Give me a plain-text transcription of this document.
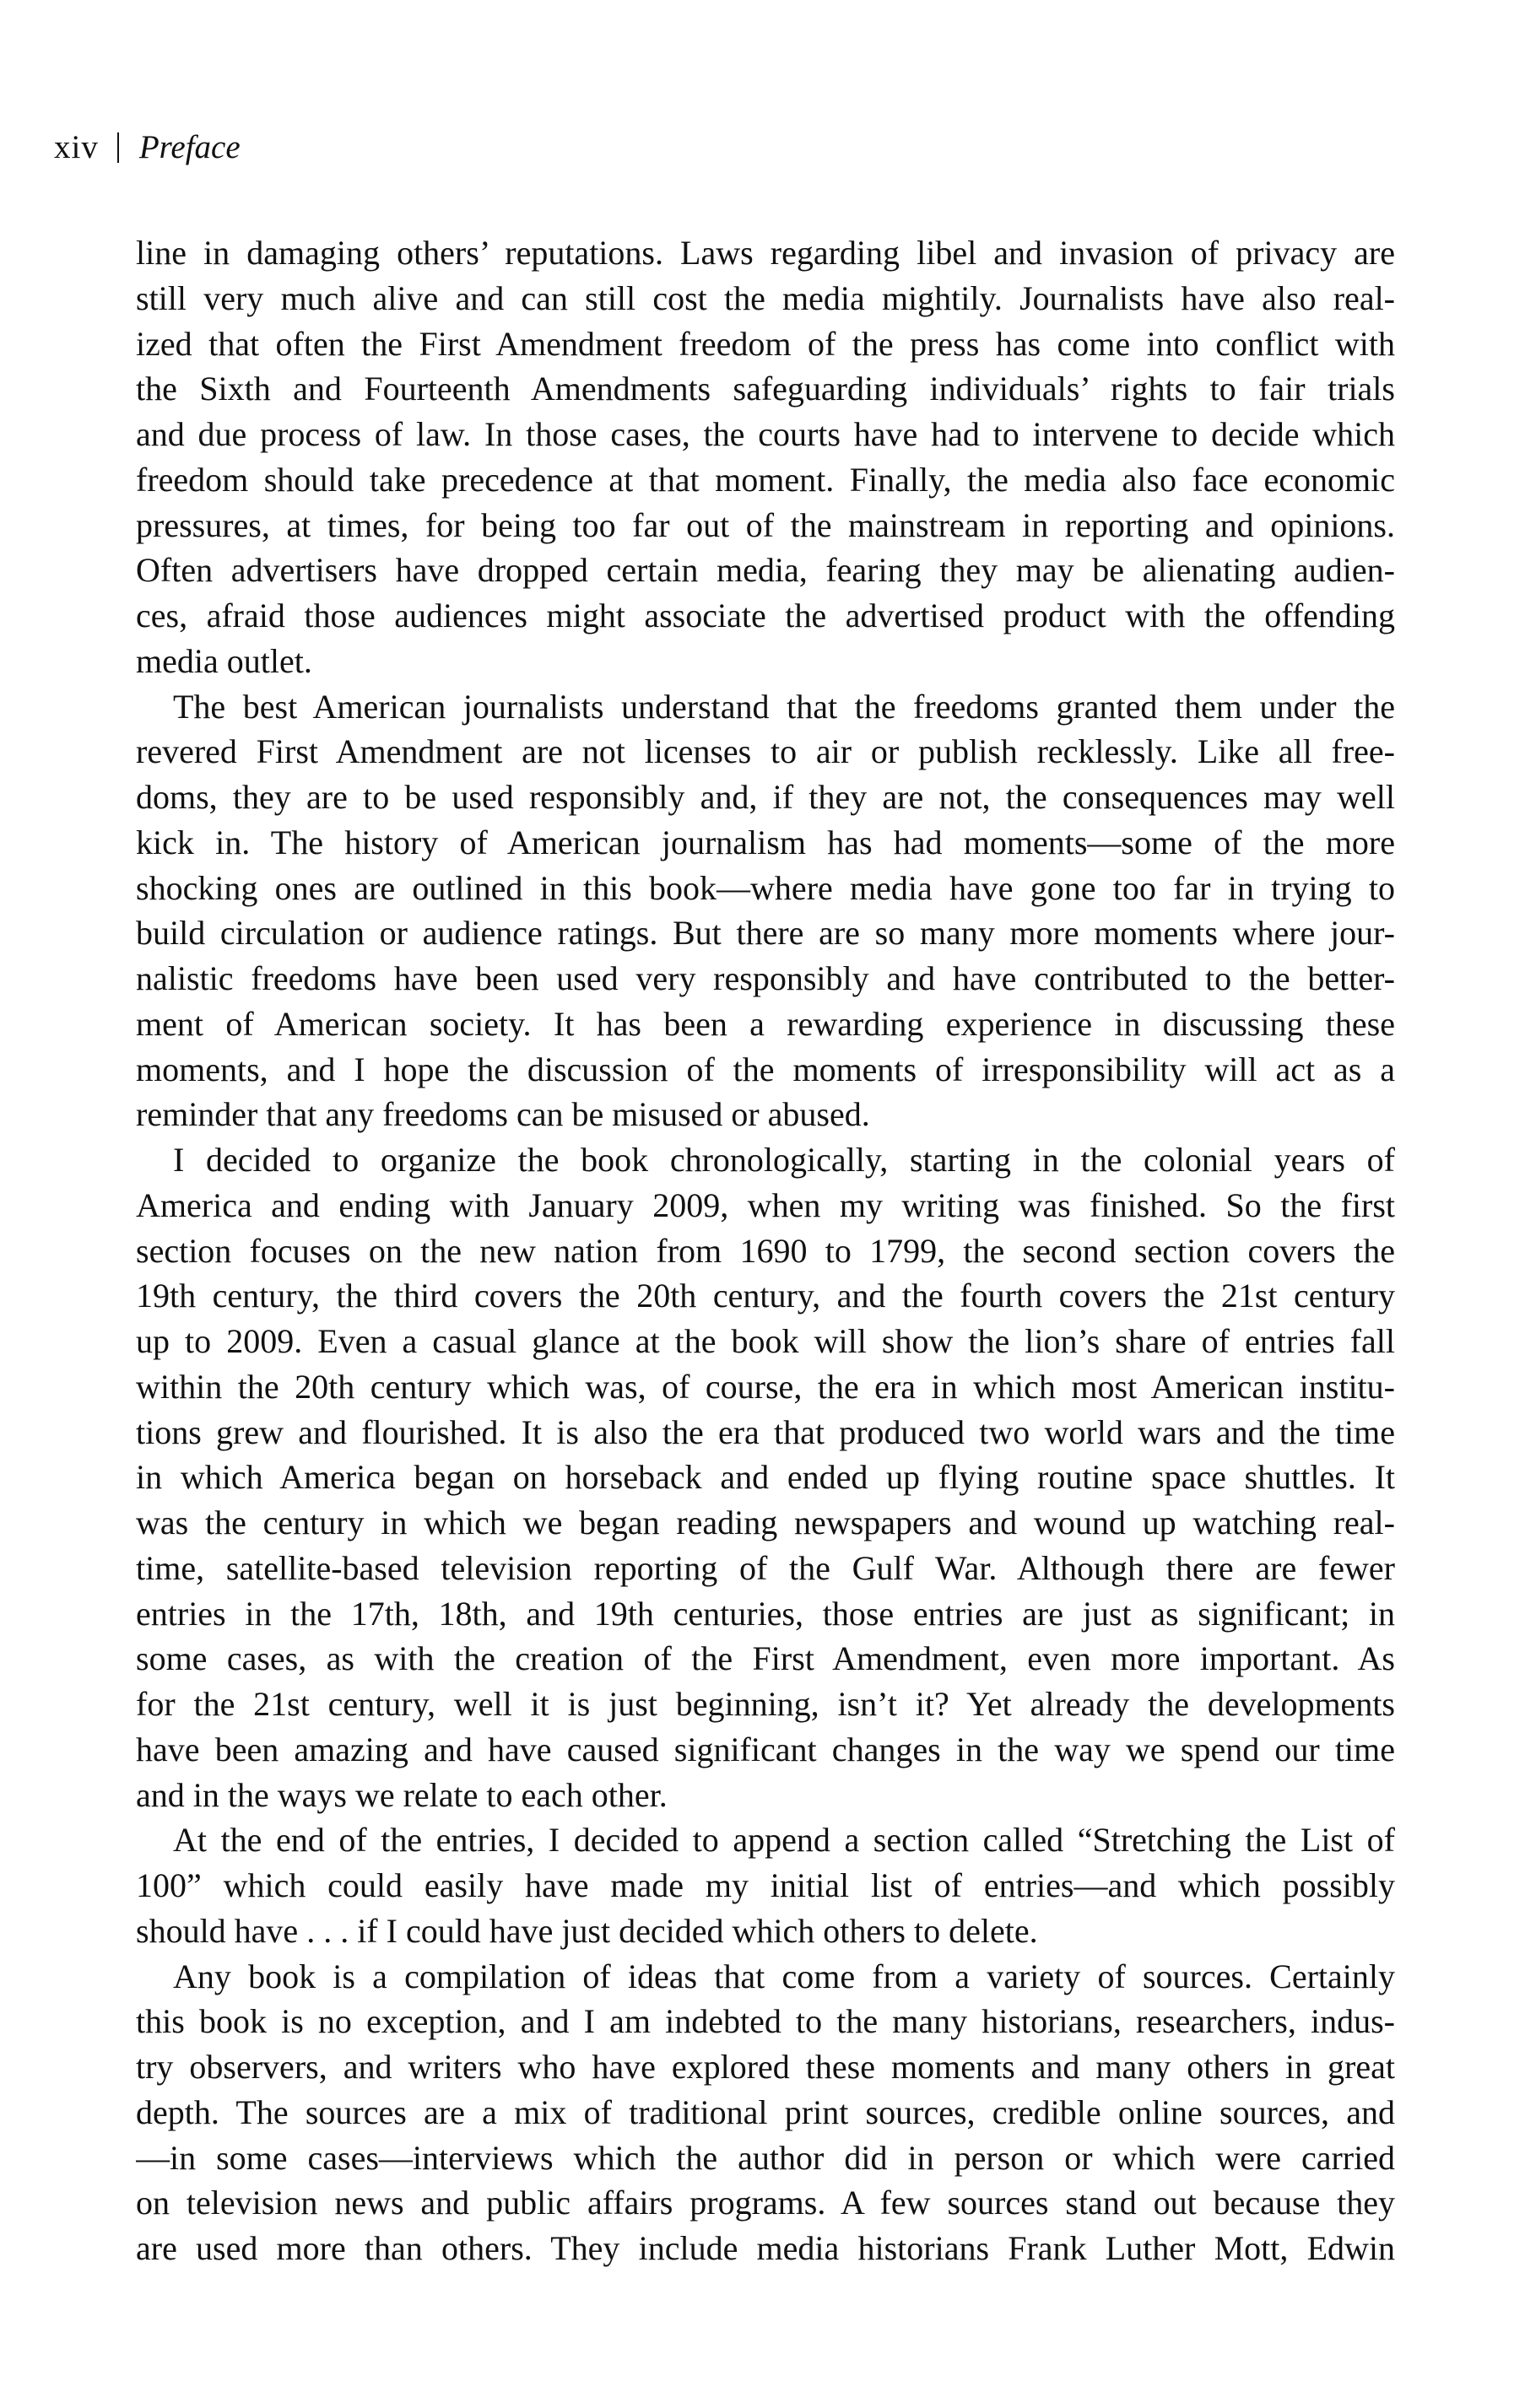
xiv Preface
line in damaging others’ reputations. Laws regarding libel and invasion of privacy are
still very much alive and can still cost the media mightily. Journalists have also real-
ized that often the First Amendment freedom of the press has come into conflict with
the Sixth and Fourteenth Amendments safeguarding individuals’ rights to fair trials
and due process of law. In those cases, the courts have had to intervene to decide which
freedom should take precedence at that moment. Finally, the media also face economic
pressures, at times, for being too far out of the mainstream in reporting and opinions.
Often advertisers have dropped certain media, fearing they may be alienating audien-
ces, afraid those audiences might associate the advertised product with the offending
media outlet.
The best American journalists understand that the freedoms granted them under the
revered First Amendment are not licenses to air or publish recklessly. Like all free-
doms, they are to be used responsibly and, if they are not, the consequences may well
kick in. The history of American journalism has had moments—some of the more
shocking ones are outlined in this book—where media have gone too far in trying to
build circulation or audience ratings. But there are so many more moments where jour-
nalistic freedoms have been used very responsibly and have contributed to the better-
ment of American society. It has been a rewarding experience in discussing these
moments, and I hope the discussion of the moments of irresponsibility will act as a
reminder that any freedoms can be misused or abused.
I decided to organize the book chronologically, starting in the colonial years of
America and ending with January 2009, when my writing was finished. So the first
section focuses on the new nation from 1690 to 1799, the second section covers the
19th century, the third covers the 20th century, and the fourth covers the 21st century
up to 2009. Even a casual glance at the book will show the lion’s share of entries fall
within the 20th century which was, of course, the era in which most American institu-
tions grew and flourished. It is also the era that produced two world wars and the time
in which America began on horseback and ended up flying routine space shuttles. It
was the century in which we began reading newspapers and wound up watching real-
time, satellite-based television reporting of the Gulf War. Although there are fewer
entries in the 17th, 18th, and 19th centuries, those entries are just as significant; in
some cases, as with the creation of the First Amendment, even more important. As
for the 21st century, well it is just beginning, isn’t it? Yet already the developments
have been amazing and have caused significant changes in the way we spend our time
and in the ways we relate to each other.
At the end of the entries, I decided to append a section called “Stretching the List of
100” which could easily have made my initial list of entries—and which possibly
should have . . . if I could have just decided which others to delete.
Any book is a compilation of ideas that come from a variety of sources. Certainly
this book is no exception, and I am indebted to the many historians, researchers, indus-
try observers, and writers who have explored these moments and many others in great
depth. The sources are a mix of traditional print sources, credible online sources, and
—in some cases—interviews which the author did in person or which were carried
on television news and public affairs programs. A few sources stand out because they
are used more than others. They include media historians Frank Luther Mott, Edwin
